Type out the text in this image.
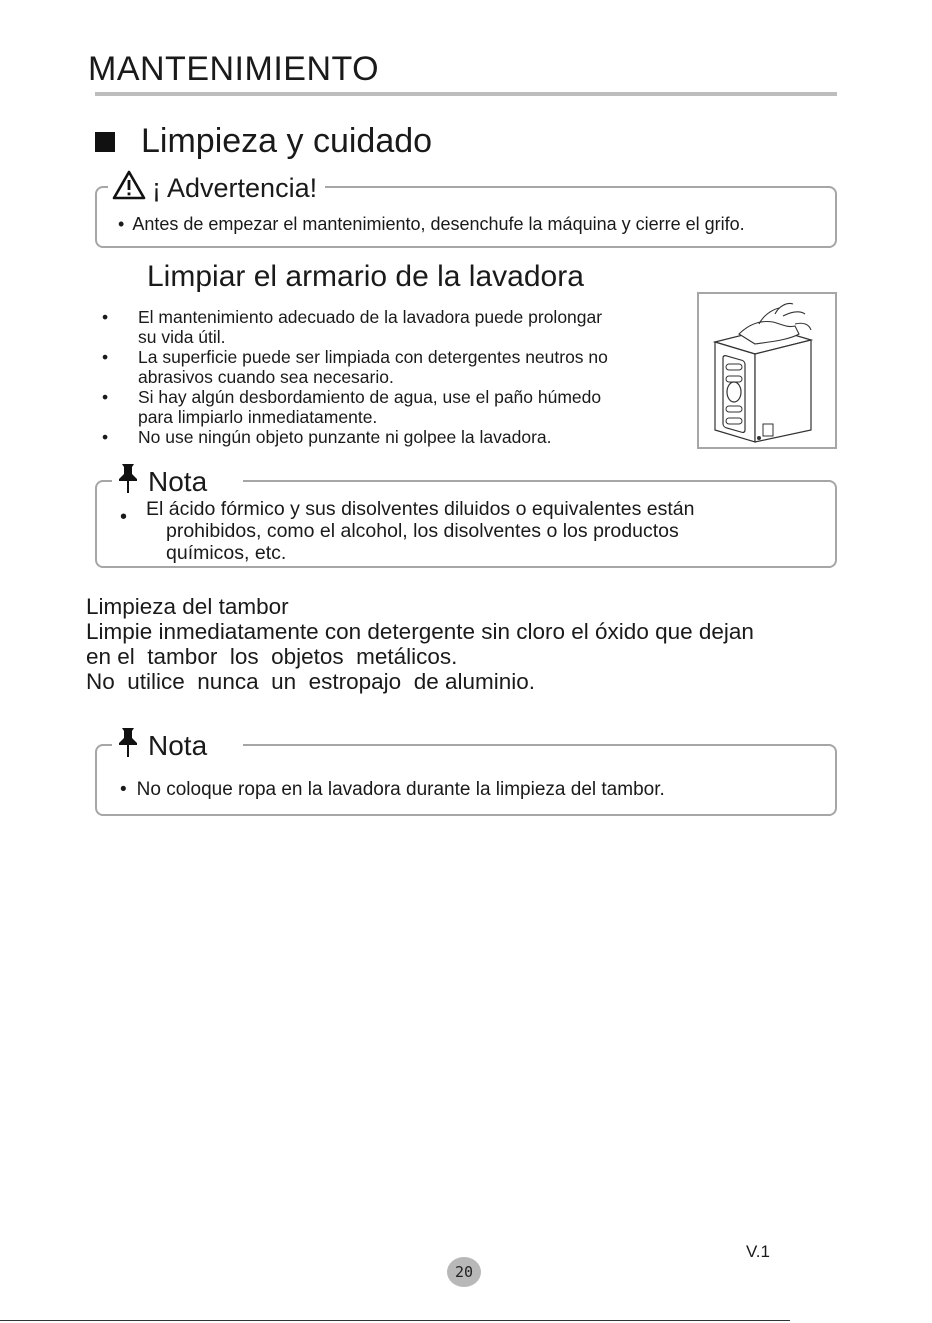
MANTENIMIENTO
Limpieza y cuidado
¡ Advertencia!
• Antes de empezar el mantenimiento, desenchufe la máquina y cierre el grifo.
Limpiar el armario de la lavadora
• El mantenimiento adecuado de la lavadora puede prolongar
su vida útil.
• La superficie puede ser limpiada con detergentes neutros no
abrasivos cuando sea necesario.
• Si hay algún desbordamiento de agua, use el paño húmedo
para limpiarlo inmediatamente.
• No use ningún objeto punzante ni golpee la lavadora.
Nota
• El ácido fórmico y sus disolventes diluidos o equivalentes están
prohibidos, como el alcohol, los disolventes o los productos
químicos, etc.
Limpieza del tambor
Limpie inmediatamente con detergente sin cloro el óxido que dejan
en el  tambor  los  objetos  metálicos.
No  utilice  nunca  un  estropajo  de aluminio.
Nota
• No coloque ropa en la lavadora durante la limpieza del tambor.
V.1
20
